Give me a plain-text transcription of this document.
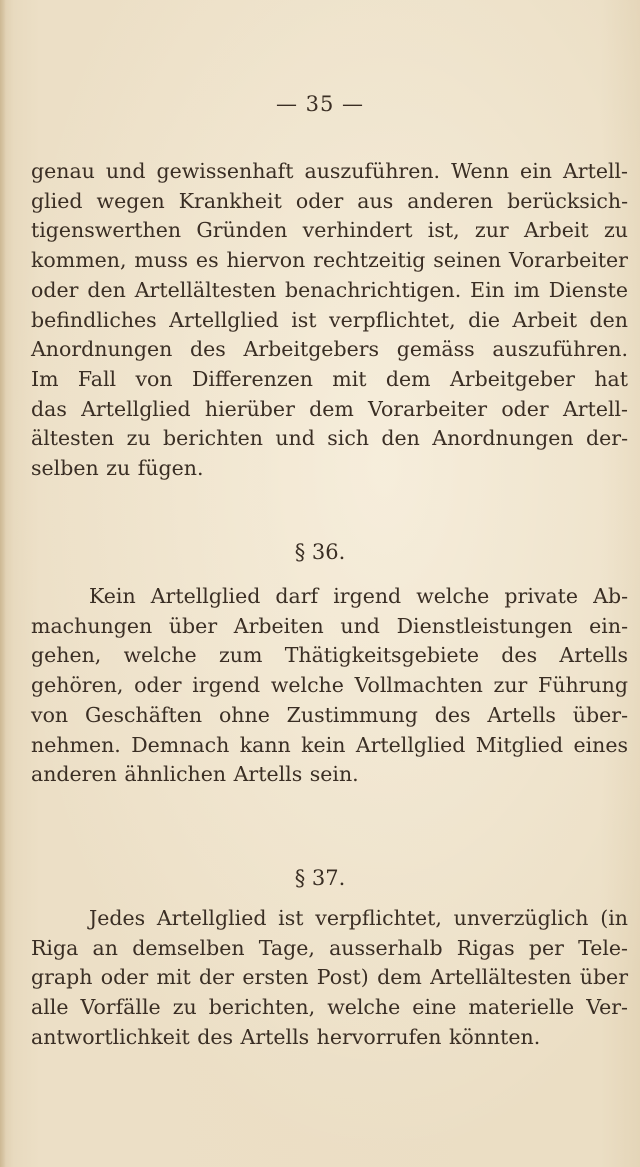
— 35 —

genau und gewissenhaft auszuführen. Wenn ein Artell-
glied wegen Krankheit oder aus anderen berücksich-
tigenswerthen Gründen verhindert ist, zur Arbeit zu
kommen, muss es hiervon rechtzeitig seinen Vorarbeiter
oder den Artellältesten benachrichtigen. Ein im Dienste
befindliches Artellglied ist verpflichtet, die Arbeit den
Anordnungen des Arbeitgebers gemäss auszuführen.
Im Fall von Differenzen mit dem Arbeitgeber hat
das Artellglied hierüber dem Vorarbeiter oder Artell-
ältesten zu berichten und sich den Anordnungen der-
selben zu fügen.

§ 36.

Kein Artellglied darf irgend welche private Ab-
machungen über Arbeiten und Dienstleistungen ein-
gehen, welche zum Thätigkeitsgebiete des Artells
gehören, oder irgend welche Vollmachten zur Führung
von Geschäften ohne Zustimmung des Artells über-
nehmen. Demnach kann kein Artellglied Mitglied eines
anderen ähnlichen Artells sein.

§ 37.

Jedes Artellglied ist verpflichtet, unverzüglich (in
Riga an demselben Tage, ausserhalb Rigas per Tele-
graph oder mit der ersten Post) dem Artellältesten über
alle Vorfälle zu berichten, welche eine materielle Ver-
antwortlichkeit des Artells hervorrufen könnten.
